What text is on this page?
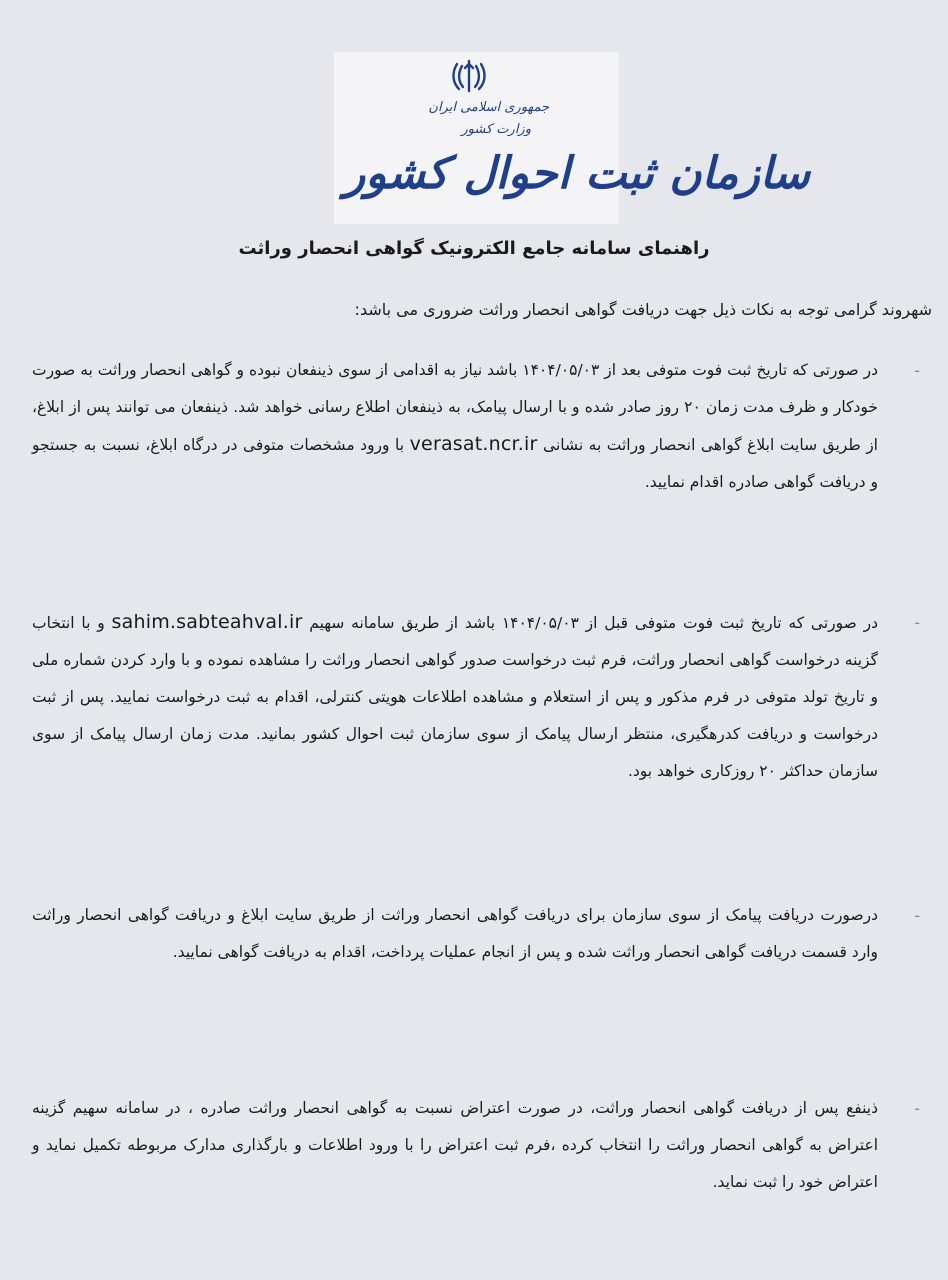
جمهوری اسلامی ایران
وزارت کشور
سازمان ثبت احوال کشور
راهنمای سامانه جامع الکترونیک گواهی انحصار وراثت
شهروند گرامی توجه به نکات ذیل جهت دریافت گواهی انحصار وراثت ضروری می باشد:
-
در صورتی که تاریخ ثبت فوت متوفی بعد از ۱۴۰۴/۰۵/۰۳ باشد نیاز به اقدامی از سوی ذینفعان نبوده و گواهی انحصار وراثت به صورت خودکار و ظرف مدت زمان ۲۰ روز صادر شده و با ارسال پیامک، به ذینفعان اطلاع رسانی خواهد شد. ذینفعان می توانند پس از ابلاغ، از طریق سایت ابلاغ گواهی انحصار وراثت به نشانی verasat.ncr.ir با ورود مشخصات متوفی در درگاه ابلاغ، نسبت به جستجو و دریافت گواهی صادره اقدام نمایید.
-
در صورتی که تاریخ ثبت فوت متوفی قبل از ۱۴۰۴/۰۵/۰۳ باشد از طریق سامانه سهیم sahim.sabteahval.ir و با انتخاب گزینه درخواست گواهی انحصار وراثت، فرم ثبت درخواست صدور گواهی انحصار وراثت را مشاهده نموده و با وارد کردن شماره ملی و تاریخ تولد متوفی در فرم مذکور و پس از استعلام و مشاهده اطلاعات هویتی کنترلی، اقدام به ثبت درخواست نمایید. پس از ثبت درخواست و دریافت کدرهگیری، منتظر ارسال پیامک از سوی سازمان ثبت احوال کشور بمانید. مدت زمان ارسال پیامک از سوی سازمان حداکثر ۲۰ روزکاری خواهد بود.
-
درصورت دریافت پیامک از سوی سازمان برای دریافت گواهی انحصار وراثت از طریق سایت ابلاغ و دریافت گواهی انحصار وراثت وارد قسمت دریافت گواهی انحصار وراثت شده و پس از انجام عملیات پرداخت، اقدام به دریافت گواهی نمایید.
-
ذینفع پس از دریافت گواهی انحصار وراثت، در صورت اعتراض نسبت به گواهی انحصار وراثت صادره ، در سامانه سهیم گزینه اعتراض به گواهی انحصار وراثت را انتخاب کرده ،فرم ثبت اعتراض را با ورود اطلاعات و بارگذاری مدارک مربوطه تکمیل نماید و اعتراض خود را ثبت نماید.
